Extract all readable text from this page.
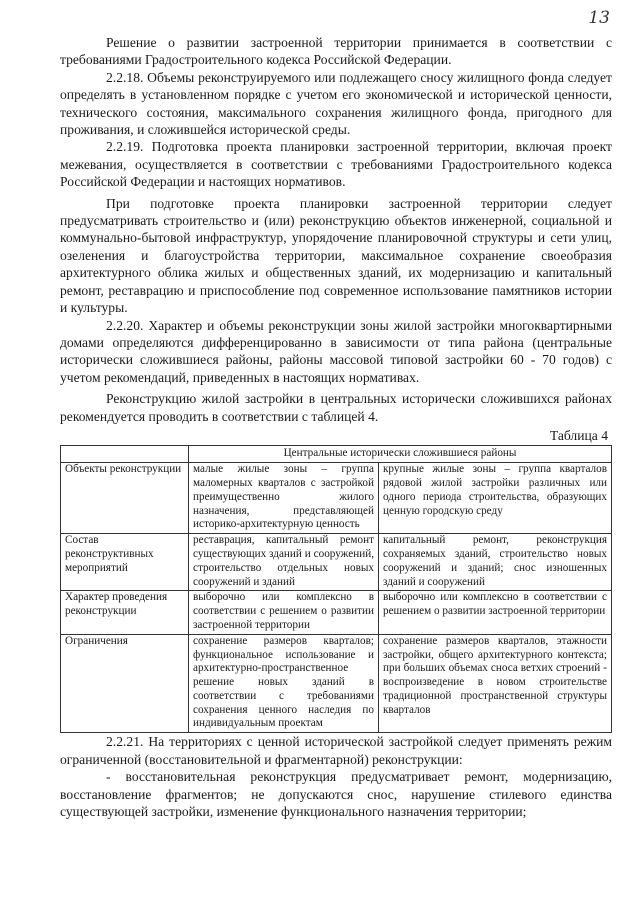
13

Решение о развитии застроенной территории принимается в соответствии с требованиями Градостроительного кодекса Российской Федерации.

2.2.18. Объемы реконструируемого или подлежащего сносу жилищного фонда следует определять в установленном порядке с учетом его экономической и исторической ценности, технического состояния, максимального сохранения жилищного фонда, пригодного для проживания, и сложившейся исторической среды.

2.2.19. Подготовка проекта планировки застроенной территории, включая проект межевания, осуществляется в соответствии с требованиями Градостроительного кодекса Российской Федерации и настоящих нормативов.

При подготовке проекта планировки застроенной территории следует предусматривать строительство и (или) реконструкцию объектов инженерной, социальной и коммунально-бытовой инфраструктур, упорядочение планировочной структуры и сети улиц, озеленения и благоустройства территории, максимальное сохранение своеобразия архитектурного облика жилых и общественных зданий, их модернизацию и капитальный ремонт, реставрацию и приспособление под современное использование памятников истории и культуры.

2.2.20. Характер и объемы реконструкции зоны жилой застройки многоквартирными домами определяются дифференцированно в зависимости от типа района (центральные исторически сложившиеся районы, районы массовой типовой застройки 60 - 70 годов) с учетом рекомендаций, приведенных в настоящих нормативах.

Реконструкцию жилой застройки в центральных исторически сложившихся районах рекомендуется проводить в соответствии с таблицей 4.

Таблица 4
	Центральные исторически сложившиеся районы	
Объекты реконструкции	малые жилые зоны – группа маломерных кварталов с застройкой преимущественно жилого назначения, представляющей историко-архитектурную ценность	крупные жилые зоны – группа кварталов рядовой жилой застройки различных или одного периода строительства, образующих ценную городскую среду
Состав реконструктивных мероприятий	реставрация, капитальный ремонт существующих зданий и сооружений, строительство отдельных новых сооружений и зданий	капитальный ремонт, реконструкция сохраняемых зданий, строительство новых сооружений и зданий; снос изношенных зданий и сооружений
Характер проведения реконструкции	выборочно или комплексно в соответствии с решением о развитии застроенной территории	выборочно или комплексно в соответствии с решением о развитии застроенной территории
Ограничения	сохранение размеров кварталов; функциональное использование и архитектурно-пространственное решение новых зданий в соответствии с требованиями сохранения ценного наследия по индивидуальным проектам	сохранение размеров кварталов, этажности застройки, общего архитектурного контекста; при больших объемах сноса ветхих строений - воспроизведение в новом строительстве традиционной пространственной структуры кварталов

2.2.21. На территориях с ценной исторической застройкой следует применять режим ограниченной (восстановительной и фрагментарной) реконструкции:

- восстановительная реконструкция предусматривает ремонт, модернизацию, восстановление фрагментов; не допускаются снос, нарушение стилевого единства существующей застройки, изменение функционального назначения территории;
